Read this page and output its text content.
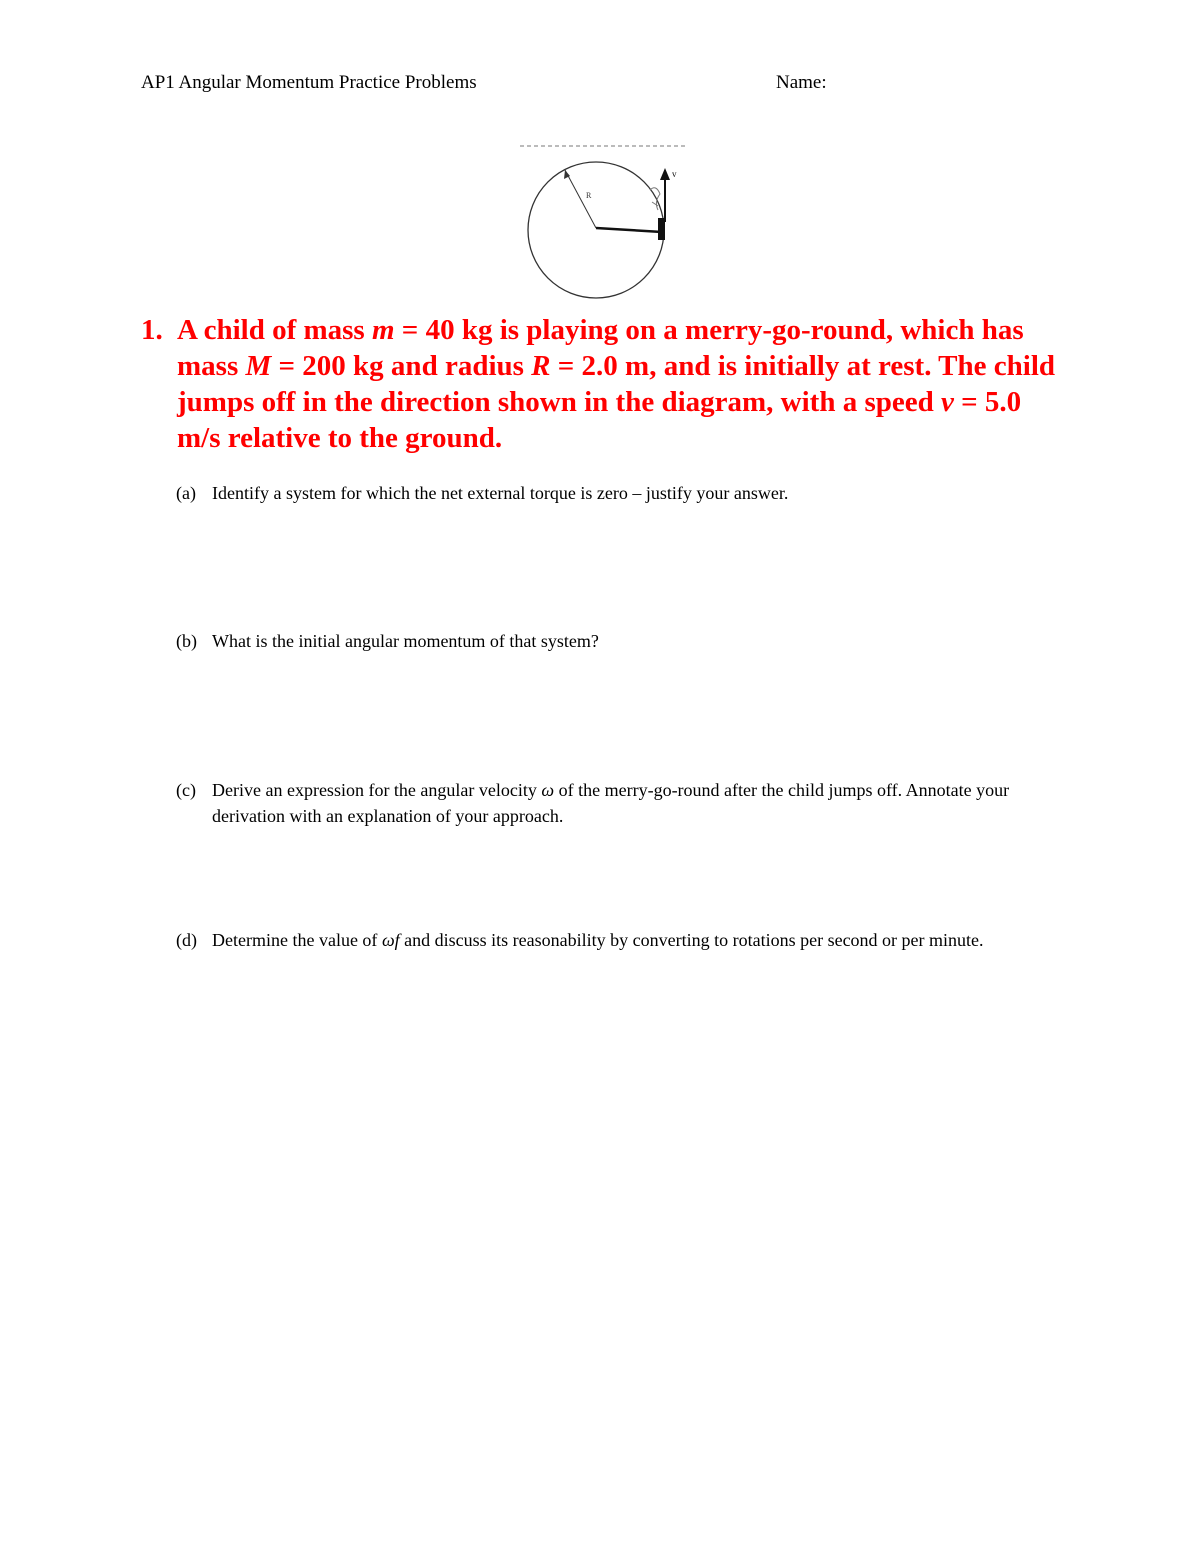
AP1 Angular Momentum Practice Problems	Name:
R
v
1. A child of mass m = 40 kg is playing on a merry-go-round, which has mass M = 200 kg and radius R = 2.0 m, and is initially at rest. The child jumps off in the direction shown in the diagram, with a speed v = 5.0 m/s relative to the ground.
(a) Identify a system for which the net external torque is zero – justify your answer.
(b) What is the initial angular momentum of that system?
(c) Derive an expression for the angular velocity ω of the merry-go-round after the child jumps off. Annotate your derivation with an explanation of your approach.
(d) Determine the value of ωf and discuss its reasonability by converting to rotations per second or per minute.
